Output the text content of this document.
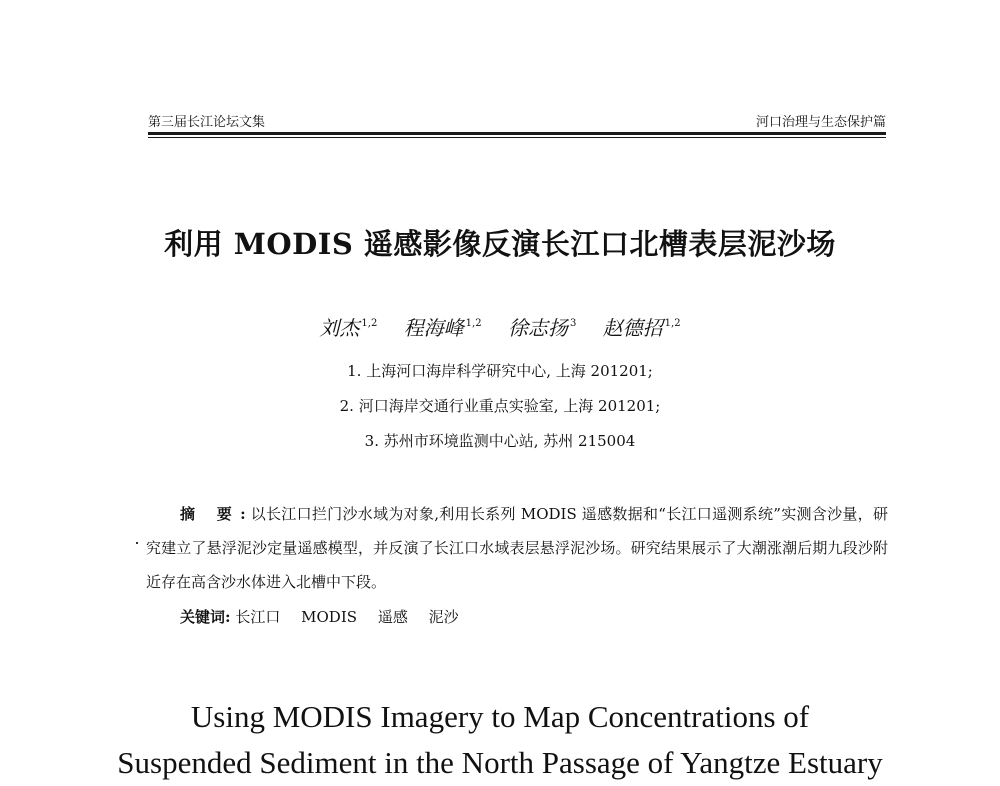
第三届长江论坛文集	河口治理与生态保护篇
利用 MODIS 遥感影像反演长江口北槽表层泥沙场
刘杰 $^{1,2}$ 程海峰 $^{1,2}$ 徐志扬 $^3$ 赵德招 $^{1,2}$
1. 上海河口海岸科学研究中心, 上海 201201;
2. 河口海岸交通行业重点实验室, 上海 201201;
3. 苏州市环境监测中心站, 苏州 215004

摘 要: 以长江口拦门沙水域为对象,利用长系列 MODIS 遥感数据和“长江口遥测系统”实测含沙量，研究建立了悬浮泥沙定量遥感模型，并反演了长江口水域表层悬浮泥沙场。研究结果展示了大潮涨潮后期九段沙附近存在高含沙水体进入北槽中下段。

关键词: 长江口 MODIS 遥感 泥沙
Using MODIS Imagery to Map Concentrations of
Suspended Sediment in the North Passage of Yangtze Estuary
